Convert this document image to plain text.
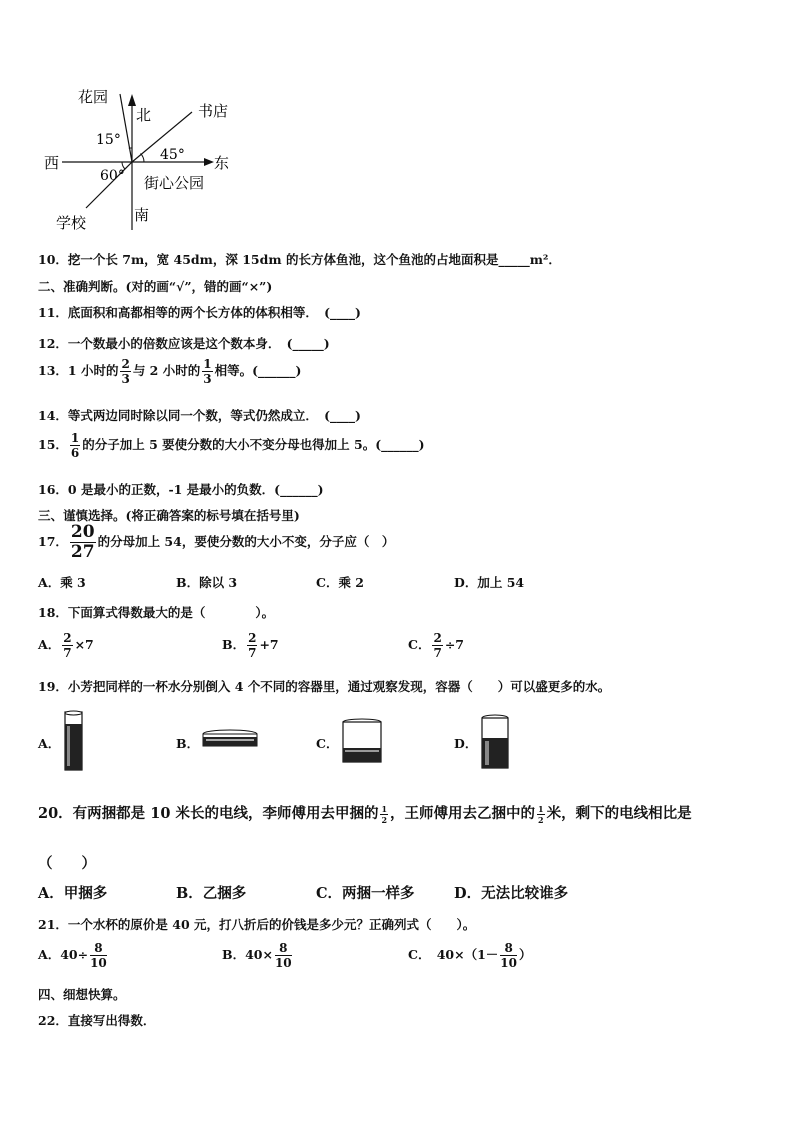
花园
北	书店
15°
45°
西	东
60° 街心公园
学校	南
10．挖一个长 7m，宽 45dm，深 15dm 的长方体鱼池，这个鱼池的占地面积是_____m²．
二、准确判断。(对的画“√”，错的画“×”)
11．底面积和高都相等的两个长方体的体积相等．　(____)
12．一个数最小的倍数应该是这个数本身．　(_____)
13．1 小时的 $\frac{2}{3}$ 与 2 小时的 $\frac{1}{3}$ 相等。(______)
14．等式两边同时除以同一个数，等式仍然成立．　(____)
15． $\frac{1}{6}$ 的分子加上 5 要使分数的大小不变分母也得加上 5。(______)
16．0 是最小的正数，-1 是最小的负数．(______)
三、谨慎选择。(将正确答案的标号填在括号里)
17． $\frac{20}{27}$ 的分母加上 54，要使分数的大小不变，分子应（　）
A．乘 3	B．除以 3	C．乘 2	D．加上 54
18．下面算式得数最大的是（　　　　）。
A． $\frac{2}{7} \times 7$	B． $\frac{2}{7} +7$	C． $\frac{2}{7} \div 7$
19．小芳把同样的一杯水分别倒入 4 个不同的容器里，通过观察发现，容器（　　）可以盛更多的水。
A．	B．	C．	D．
20．有两捆都是 10 米长的电线，李师傅用去甲捆的 $\frac{1}{2}$ ，王师傅用去乙捆中的 $\frac{1}{2}$ 米，剩下的电线相比是
（　　）
A．甲捆多	B．乙捆多	C．两捆一样多	D．无法比较谁多
21．一个水杯的原价是 40 元，打八折后的价钱是多少元？正确列式（　　）。
A．$40\div \frac{8}{10}$	B．$40\times \frac{8}{10}$	C．　$40\times(1- \frac{8}{10}$ ）
四、细想快算。
22．直接写出得数．
